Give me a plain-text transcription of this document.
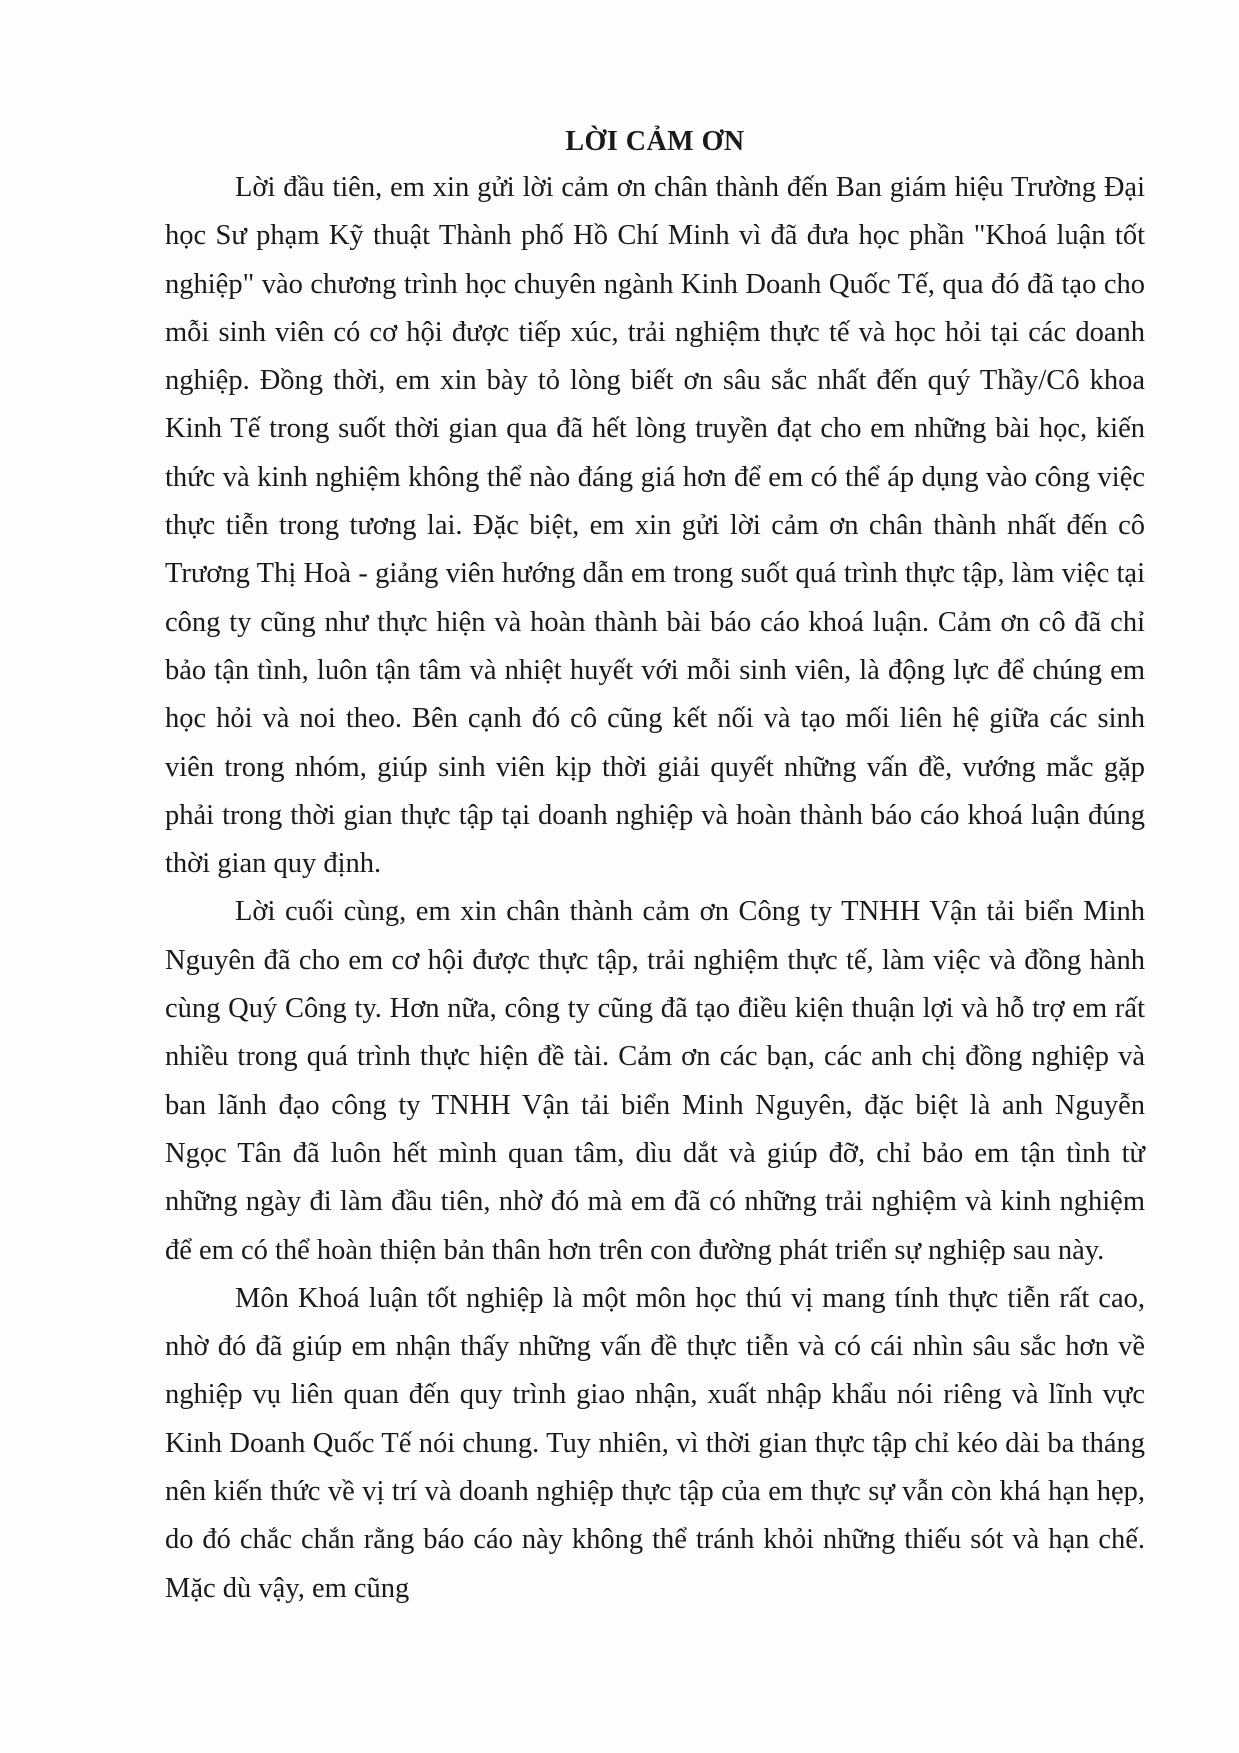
LỜI CẢM ƠN

Lời đầu tiên, em xin gửi lời cảm ơn chân thành đến Ban giám hiệu Trường Đại học Sư phạm Kỹ thuật Thành phố Hồ Chí Minh vì đã đưa học phần "Khoá luận tốt nghiệp" vào chương trình học chuyên ngành Kinh Doanh Quốc Tế, qua đó đã tạo cho mỗi sinh viên có cơ hội được tiếp xúc, trải nghiệm thực tế và học hỏi tại các doanh nghiệp. Đồng thời, em xin bày tỏ lòng biết ơn sâu sắc nhất đến quý Thầy/Cô khoa Kinh Tế trong suốt thời gian qua đã hết lòng truyền đạt cho em những bài học, kiến thức và kinh nghiệm không thể nào đáng giá hơn để em có thể áp dụng vào công việc thực tiễn trong tương lai. Đặc biệt, em xin gửi lời cảm ơn chân thành nhất đến cô Trương Thị Hoà - giảng viên hướng dẫn em trong suốt quá trình thực tập, làm việc tại công ty cũng như thực hiện và hoàn thành bài báo cáo khoá luận. Cảm ơn cô đã chỉ bảo tận tình, luôn tận tâm và nhiệt huyết với mỗi sinh viên, là động lực để chúng em học hỏi và noi theo. Bên cạnh đó cô cũng kết nối và tạo mối liên hệ giữa các sinh viên trong nhóm, giúp sinh viên kịp thời giải quyết những vấn đề, vướng mắc gặp phải trong thời gian thực tập tại doanh nghiệp và hoàn thành báo cáo khoá luận đúng thời gian quy định.

Lời cuối cùng, em xin chân thành cảm ơn Công ty TNHH Vận tải biển Minh Nguyên đã cho em cơ hội được thực tập, trải nghiệm thực tế, làm việc và đồng hành cùng Quý Công ty. Hơn nữa, công ty cũng đã tạo điều kiện thuận lợi và hỗ trợ em rất nhiều trong quá trình thực hiện đề tài. Cảm ơn các bạn, các anh chị đồng nghiệp và ban lãnh đạo công ty TNHH Vận tải biển Minh Nguyên, đặc biệt là anh Nguyễn Ngọc Tân đã luôn hết mình quan tâm, dìu dắt và giúp đỡ, chỉ bảo em tận tình từ những ngày đi làm đầu tiên, nhờ đó mà em đã có những trải nghiệm và kinh nghiệm để em có thể hoàn thiện bản thân hơn trên con đường phát triển sự nghiệp sau này.

Môn Khoá luận tốt nghiệp là một môn học thú vị mang tính thực tiễn rất cao, nhờ đó đã giúp em nhận thấy những vấn đề thực tiễn và có cái nhìn sâu sắc hơn về nghiệp vụ liên quan đến quy trình giao nhận, xuất nhập khẩu nói riêng và lĩnh vực Kinh Doanh Quốc Tế nói chung. Tuy nhiên, vì thời gian thực tập chỉ kéo dài ba tháng nên kiến thức về vị trí và doanh nghiệp thực tập của em thực sự vẫn còn khá hạn hẹp, do đó chắc chắn rằng báo cáo này không thể tránh khỏi những thiếu sót và hạn chế. Mặc dù vậy, em cũng
